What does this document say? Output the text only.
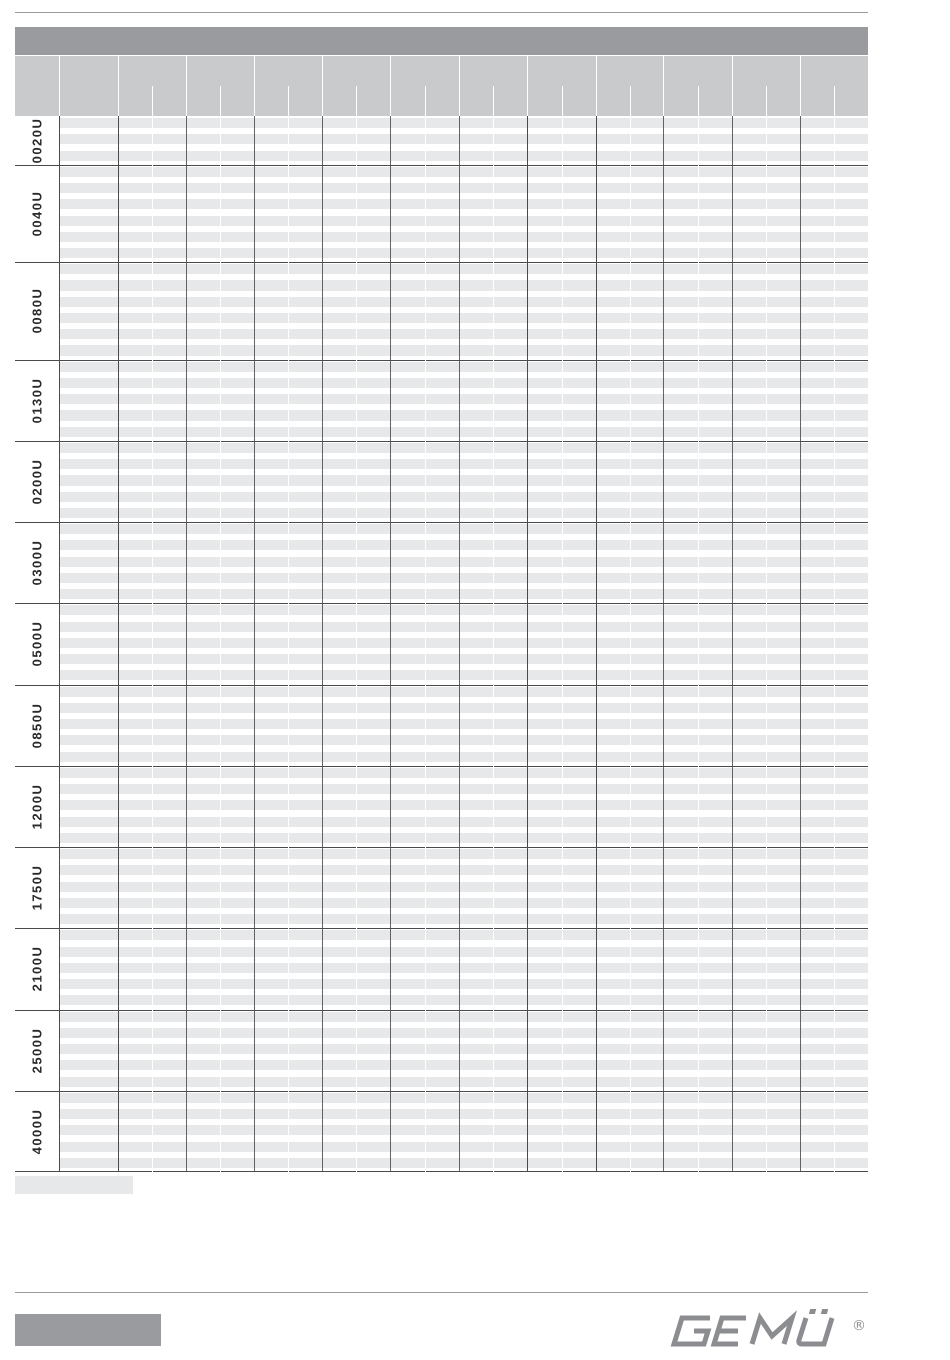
0020U
0040U
0080U
0130U
0200U
0300U
0500U
0850U
1200U
1750U
2100U
2500U
4000U
®
